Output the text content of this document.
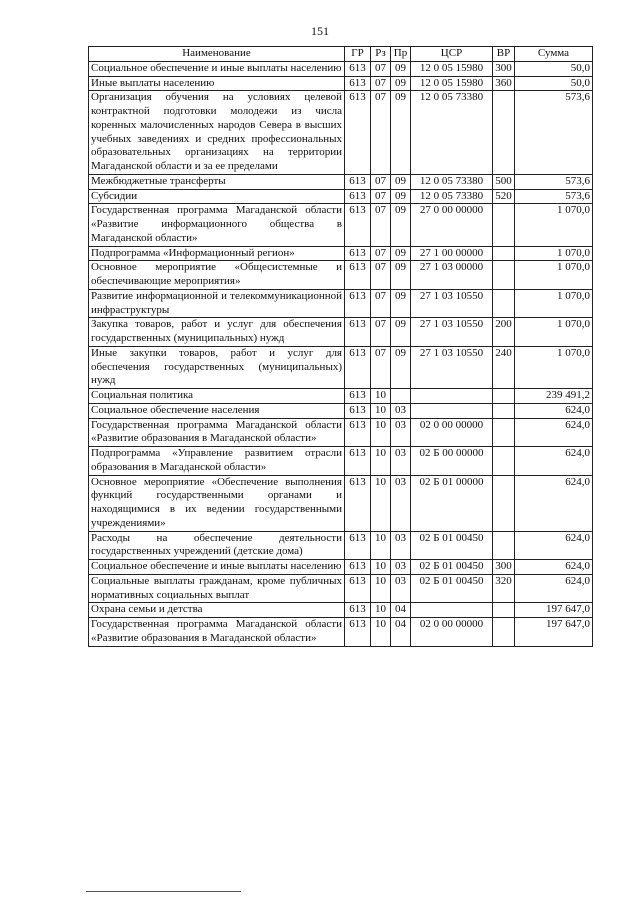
151
Наименование	ГР	Рз	Пр	ЦСР	ВР	Сумма
Социальное обеспечение и иные выплаты населению	613	07	09	12 0 05 15980	300	50,0
Иные выплаты населению	613	07	09	12 0 05 15980	360	50,0
Организация обучения на условиях целевой контрактной подготовки молодежи из числа коренных малочисленных народов Севера в высших учебных заведениях и средних профессиональных образовательных организациях на территории Магаданской области и за ее пределами	613	07	09	12 0 05 73380		573,6
Межбюджетные трансферты	613	07	09	12 0 05 73380	500	573,6
Субсидии	613	07	09	12 0 05 73380	520	573,6
Государственная программа Магаданской области «Развитие информационного общества в Магаданской области»	613	07	09	27 0 00 00000		1 070,0
Подпрограмма «Информационный регион»	613	07	09	27 1 00 00000		1 070,0
Основное мероприятие «Общесистемные и обеспечивающие мероприятия»	613	07	09	27 1 03 00000		1 070,0
Развитие информационной и телекоммуникационной инфраструктуры	613	07	09	27 1 03 10550		1 070,0
Закупка товаров, работ и услуг для обеспечения государственных (муниципальных) нужд	613	07	09	27 1 03 10550	200	1 070,0
Иные закупки товаров, работ и услуг для обеспечения государственных (муниципальных) нужд	613	07	09	27 1 03 10550	240	1 070,0
Социальная политика	613	10				239 491,2
Социальное обеспечение населения	613	10	03			624,0
Государственная программа Магаданской области «Развитие образования в Магаданской области»	613	10	03	02 0 00 00000		624,0
Подпрограмма «Управление развитием отрасли образования в Магаданской области»	613	10	03	02 Б 00 00000		624,0
Основное мероприятие «Обеспечение выполнения функций государственными органами и находящимися в их ведении государственными учреждениями»	613	10	03	02 Б 01 00000		624,0
Расходы на обеспечение деятельности государственных учреждений (детские дома)	613	10	03	02 Б 01 00450		624,0
Социальное обеспечение и иные выплаты населению	613	10	03	02 Б 01 00450	300	624,0
Социальные выплаты гражданам, кроме публичных нормативных социальных выплат	613	10	03	02 Б 01 00450	320	624,0
Охрана семьи и детства	613	10	04			197 647,0
Государственная программа Магаданской области «Развитие образования в Магаданской области»	613	10	04	02 0 00 00000		197 647,0
